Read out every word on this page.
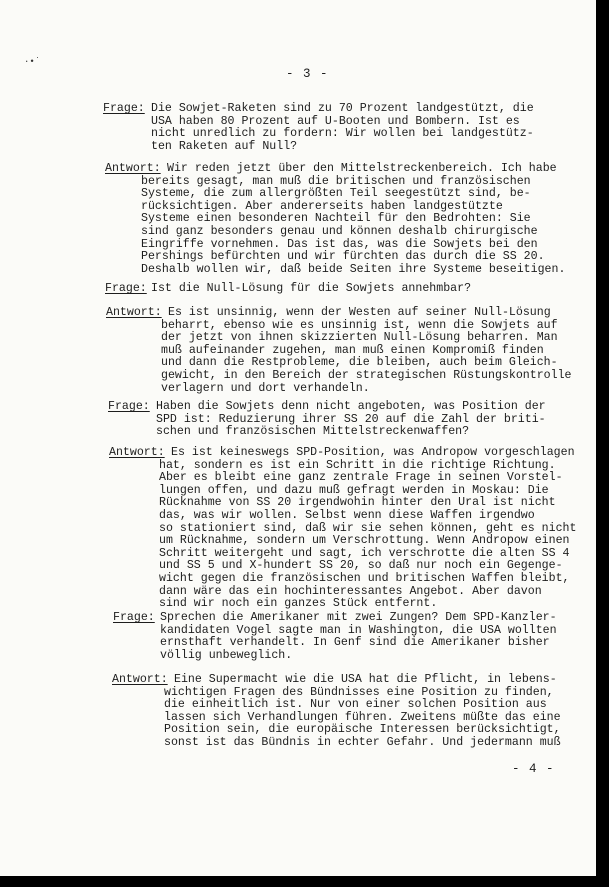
·•˙
- 3 -
Frage: Die Sowjet-Raketen sind zu 70 Prozent landgestützt, die
USA haben 80 Prozent auf U-Booten und Bombern. Ist es
nicht unredlich zu fordern: Wir wollen bei landgestütz-
ten Raketen auf Null?
Antwort: Wir reden jetzt über den Mittelstreckenbereich. Ich habe
bereits gesagt, man muß die britischen und französischen
Systeme, die zum allergrößten Teil seegestützt sind, be-
rücksichtigen. Aber andererseits haben landgestützte
Systeme einen besonderen Nachteil für den Bedrohten: Sie
sind ganz besonders genau und können deshalb chirurgische
Eingriffe vornehmen. Das ist das, was die Sowjets bei den
Pershings befürchten und wir fürchten das durch die SS 20.
Deshalb wollen wir, daß beide Seiten ihre Systeme beseitigen.
Frage: Ist die Null-Lösung für die Sowjets annehmbar?
Antwort: Es ist unsinnig, wenn der Westen auf seiner Null-Lösung
beharrt, ebenso wie es unsinnig ist, wenn die Sowjets auf
der jetzt von ihnen skizzierten Null-Lösung beharren. Man
muß aufeinander zugehen, man muß einen Kompromiß finden
und dann die Restprobleme, die bleiben, auch beim Gleich-
gewicht, in den Bereich der strategischen Rüstungskontrolle
verlagern und dort verhandeln.
Frage: Haben die Sowjets denn nicht angeboten, was Position der
SPD ist: Reduzierung ihrer SS 20 auf die Zahl der briti-
schen und französischen Mittelstreckenwaffen?
Antwort: Es ist keineswegs SPD-Position, was Andropow vorgeschlagen
hat, sondern es ist ein Schritt in die richtige Richtung.
Aber es bleibt eine ganz zentrale Frage in seinen Vorstel-
lungen offen, und dazu muß gefragt werden in Moskau: Die
Rücknahme von SS 20 irgendwohin hinter den Ural ist nicht
das, was wir wollen. Selbst wenn diese Waffen irgendwo
so stationiert sind, daß wir sie sehen können, geht es nicht
um Rücknahme, sondern um Verschrottung. Wenn Andropow einen
Schritt weitergeht und sagt, ich verschrotte die alten SS 4
und SS 5 und X-hundert SS 20, so daß nur noch ein Gegenge-
wicht gegen die französischen und britischen Waffen bleibt,
dann wäre das ein hochinteressantes Angebot. Aber davon
sind wir noch ein ganzes Stück entfernt.
Frage: Sprechen die Amerikaner mit zwei Zungen? Dem SPD-Kanzler-
kandidaten Vogel sagte man in Washington, die USA wollten
ernsthaft verhandelt. In Genf sind die Amerikaner bisher
völlig unbeweglich.
Antwort: Eine Supermacht wie die USA hat die Pflicht, in lebens-
wichtigen Fragen des Bündnisses eine Position zu finden,
die einheitlich ist. Nur von einer solchen Position aus
lassen sich Verhandlungen führen. Zweitens müßte das eine
Position sein, die europäische Interessen berücksichtigt,
sonst ist das Bündnis in echter Gefahr. Und jedermann muß
- 4 -
